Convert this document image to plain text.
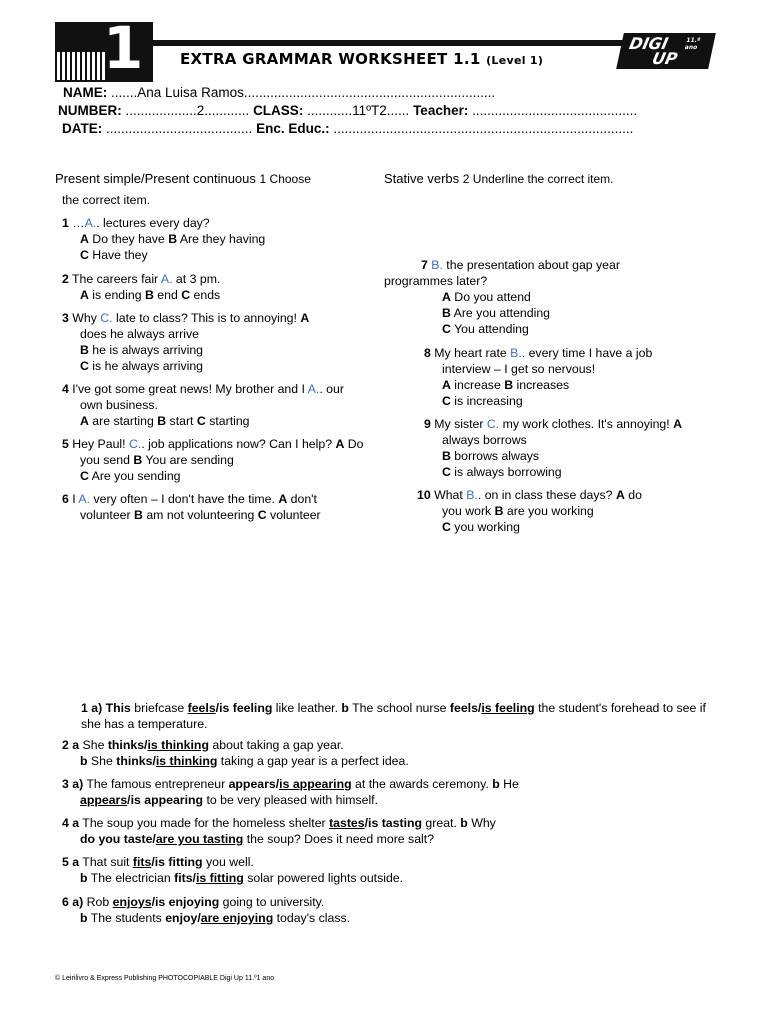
1 EXTRA GRAMMAR WORKSHEET 1.1 (Level 1)
DIGI
UP
11.º ano
NAME: .......Ana Luisa Ramos...................................................................
NUMBER: ...................2............ CLASS: ............11ºT2...... Teacher: ............................................
DATE: ....................................... Enc. Educ.: ................................................................................
Present simple/Present continuous 1 Choose
the correct item.
Stative verbs 2 Underline the correct item.
1 …A.. lectures every day?
A Do they have B Are they having
C Have they
2 The careers fair A. at 3 pm.
A is ending B end C ends
3 Why C. late to class? This is to annoying! A
does he always arrive
B he is always arriving
C is he always arriving
4 I've got some great news! My brother and I A.. our
own business.
A are starting B start C starting
5 Hey Paul! C.. job applications now? Can I help? A Do
you send B You are sending
C Are you sending
6 I A. very often – I don't have the time. A don't
volunteer B am not volunteering C volunteer
7 B. the presentation about gap year
programmes later?
A Do you attend
B Are you attending
C You attending
8 My heart rate B.. every time I have a job
interview – I get so nervous!
A increase B increases
C is increasing
9 My sister C. my work clothes. It's annoying! A
always borrows
B borrows always
C is always borrowing
10 What B.. on in class these days? A do
you work B are you working
C you working
1 a) This briefcase feels/is feeling like leather. b The school nurse feels/is feeling the student's forehead to see if she has a temperature.
2 a She thinks/is thinking about taking a gap year.
b She thinks/is thinking taking a gap year is a perfect idea.
3 a) The famous entrepreneur appears/is appearing at the awards ceremony. b He
appears/is appearing to be very pleased with himself.
4 a The soup you made for the homeless shelter tastes/is tasting great. b Why
do you taste/are you tasting the soup? Does it need more salt?
5 a That suit fits/is fitting you well.
b The electrician fits/is fitting solar powered lights outside.
6 a) Rob enjoys/is enjoying going to university.
b The students enjoy/are enjoying today's class.
© Leirilivro & Express Publishing PHOTOCOPIABLE Digi Up 11.º1 ano
